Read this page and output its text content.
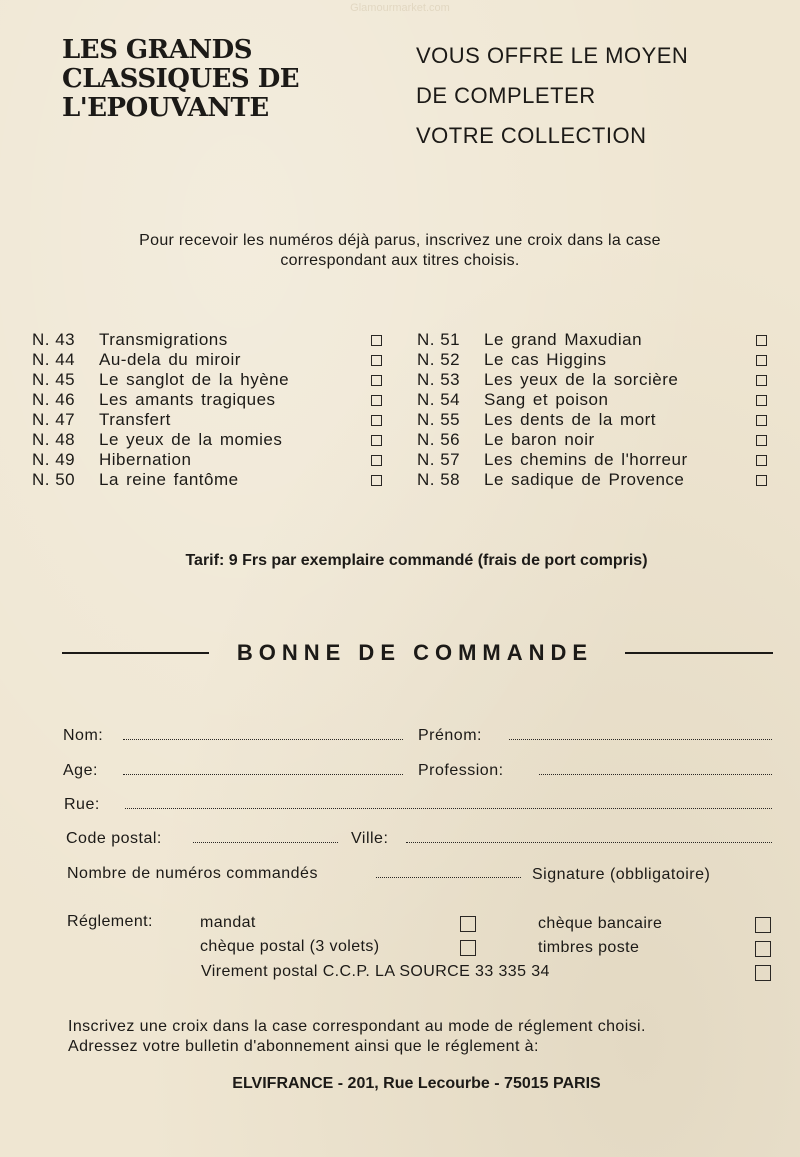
Glamourmarket.com
LES GRANDS
CLASSIQUES DE
L'EPOUVANTE
VOUS OFFRE LE MOYEN
DE COMPLETER
VOTRE COLLECTION
Pour recevoir les numéros déjà parus, inscrivez une croix dans la case
correspondant aux titres choisis.
N. 43 Transmigrations
N. 44 Au-dela du miroir
N. 45 Le sanglot de la hyène
N. 46 Les amants tragiques
N. 47 Transfert
N. 48 Le yeux de la momies
N. 49 Hibernation
N. 50 La reine fantôme
N. 51 Le grand Maxudian
N. 52 Le cas Higgins
N. 53 Les yeux de la sorcière
N. 54 Sang et poison
N. 55 Les dents de la mort
N. 56 Le baron noir
N. 57 Les chemins de l'horreur
N. 58 Le sadique de Provence
Tarif: 9 Frs par exemplaire commandé (frais de port compris)
BONNE DE COMMANDE
Nom:	Prénom:
Age:	Profession:
Rue:
Code postal:	Ville:
Nombre de numéros commandés	Signature (obbligatoire)
Réglement:	mandat	chèque bancaire
chèque postal (3 volets)	timbres poste
Virement postal C.C.P. LA SOURCE 33 335 34
Inscrivez une croix dans la case correspondant au mode de réglement choisi.
Adressez votre bulletin d'abonnement ainsi que le réglement à:
ELVIFRANCE - 201, Rue Lecourbe - 75015 PARIS
